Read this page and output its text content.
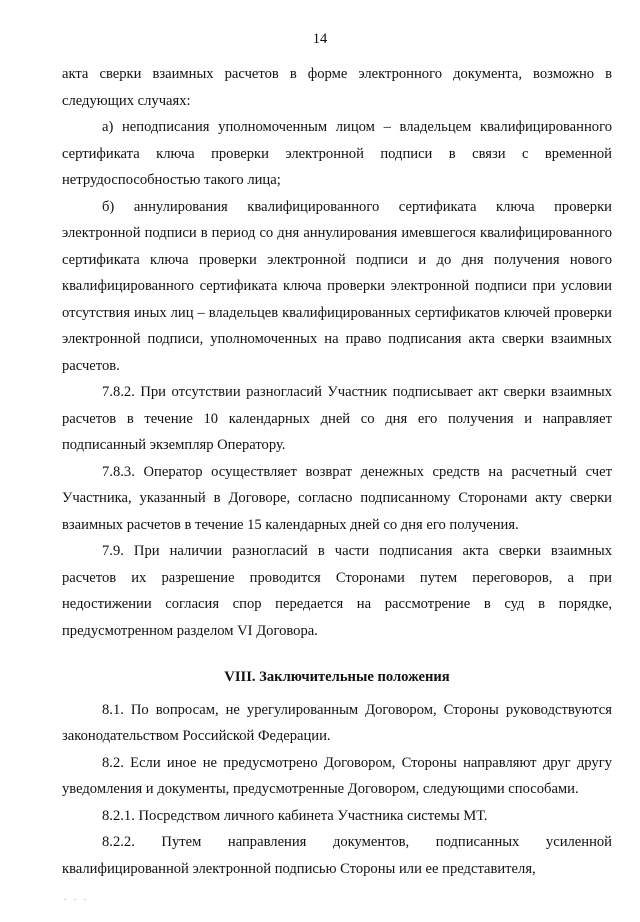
14

акта сверки взаимных расчетов в форме электронного документа, возможно в следующих случаях:

а) неподписания уполномоченным лицом – владельцем квалифицированного сертификата ключа проверки электронной подписи в связи с временной нетрудоспособностью такого лица;

б) аннулирования квалифицированного сертификата ключа проверки электронной подписи в период со дня аннулирования имевшегося квалифицированного сертификата ключа проверки электронной подписи и до дня получения нового квалифицированного сертификата ключа проверки электронной подписи при условии отсутствия иных лиц – владельцев квалифицированных сертификатов ключей проверки электронной подписи, уполномоченных на право подписания акта сверки взаимных расчетов.

7.8.2. При отсутствии разногласий Участник подписывает акт сверки взаимных расчетов в течение 10 календарных дней со дня его получения и направляет подписанный экземпляр Оператору.

7.8.3. Оператор осуществляет возврат денежных средств на расчетный счет Участника, указанный в Договоре, согласно подписанному Сторонами акту сверки взаимных расчетов в течение 15 календарных дней со дня его получения.

7.9. При наличии разногласий в части подписания акта сверки взаимных расчетов их разрешение проводится Сторонами путем переговоров, а при недостижении согласия спор передается на рассмотрение в суд в порядке, предусмотренном разделом VI Договора.

VIII. Заключительные положения

8.1. По вопросам, не урегулированным Договором, Стороны руководствуются законодательством Российской Федерации.

8.2. Если иное не предусмотрено Договором, Стороны направляют друг другу уведомления и документы, предусмотренные Договором, следующими способами.

8.2.1. Посредством личного кабинета Участника системы МТ.

8.2.2. Путем направления документов, подписанных усиленной квалифицированной электронной подписью Стороны или ее представителя,

. . .
